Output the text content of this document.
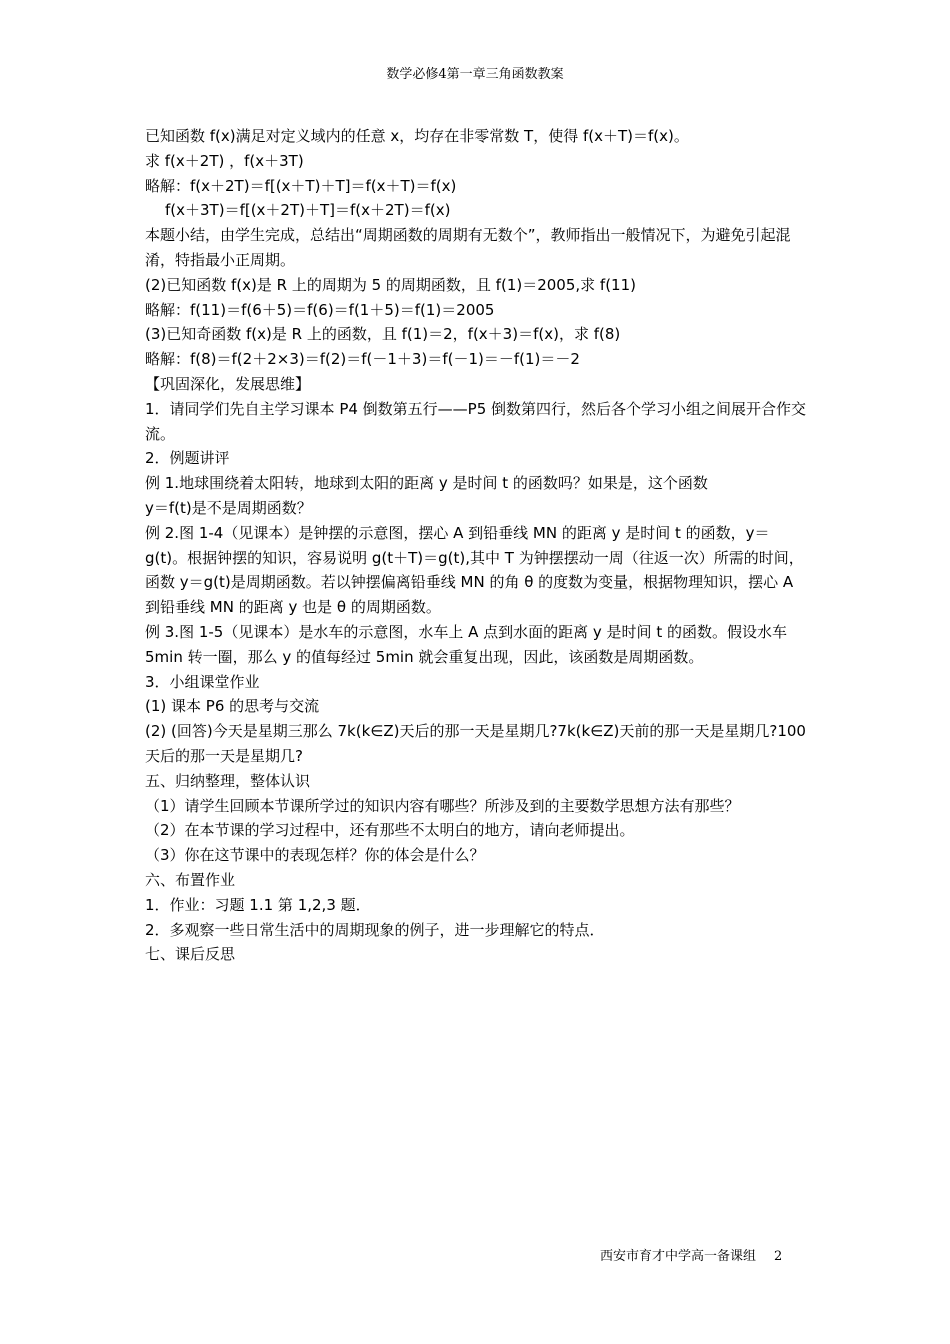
数学必修4第一章三角函数教案
已知函数 f(x)满足对定义域内的任意 x，均存在非零常数 T，使得 f(x＋T)＝f(x)。
求 f(x＋2T) ，f(x＋3T)
略解：f(x＋2T)＝f[(x＋T)＋T]＝f(x＋T)＝f(x)
f(x＋3T)＝f[(x＋2T)＋T]＝f(x＋2T)＝f(x)
本题小结，由学生完成，总结出“周期函数的周期有无数个”，教师指出一般情况下，为避免引起混淆，特指最小正周期。
(2)已知函数 f(x)是 R 上的周期为 5 的周期函数，且 f(1)＝2005,求 f(11)
略解：f(11)＝f(6＋5)＝f(6)＝f(1＋5)＝f(1)＝2005
(3)已知奇函数 f(x)是 R 上的函数，且 f(1)＝2，f(x＋3)＝f(x)，求 f(8)
略解：f(8)＝f(2＋2×3)＝f(2)＝f(－1＋3)＝f(－1)＝－f(1)＝－2
【巩固深化，发展思维】
1．请同学们先自主学习课本 P4 倒数第五行——P5 倒数第四行，然后各个学习小组之间展开合作交流。
2．例题讲评
例 1.地球围绕着太阳转，地球到太阳的距离 y 是时间 t 的函数吗？如果是，这个函数
y＝f(t)是不是周期函数？
例 2.图 1-4（见课本）是钟摆的示意图，摆心 A 到铅垂线 MN 的距离 y 是时间 t 的函数，y＝g(t)。根据钟摆的知识，容易说明 g(t＋T)＝g(t),其中 T 为钟摆摆动一周（往返一次）所需的时间，函数 y＝g(t)是周期函数。若以钟摆偏离铅垂线 MN 的角 θ 的度数为变量，根据物理知识，摆心 A 到铅垂线 MN 的距离 y 也是 θ 的周期函数。
例 3.图 1-5（见课本）是水车的示意图，水车上 A 点到水面的距离 y 是时间 t 的函数。假设水车 5min 转一圈，那么 y 的值每经过 5min 就会重复出现，因此，该函数是周期函数。
3．小组课堂作业
(1) 课本 P6 的思考与交流
(2) (回答)今天是星期三那么 7k(k∈Z)天后的那一天是星期几?7k(k∈Z)天前的那一天是星期几?100 天后的那一天是星期几?
五、归纳整理，整体认识
（1）请学生回顾本节课所学过的知识内容有哪些？所涉及到的主要数学思想方法有那些？
（2）在本节课的学习过程中，还有那些不太明白的地方，请向老师提出。
（3）你在这节课中的表现怎样？你的体会是什么？
六、布置作业
1．作业：习题 1.1 第 1,2,3 题．
2．多观察一些日常生活中的周期现象的例子，进一步理解它的特点．
七、课后反思
西安市育才中学高一备课组 2
